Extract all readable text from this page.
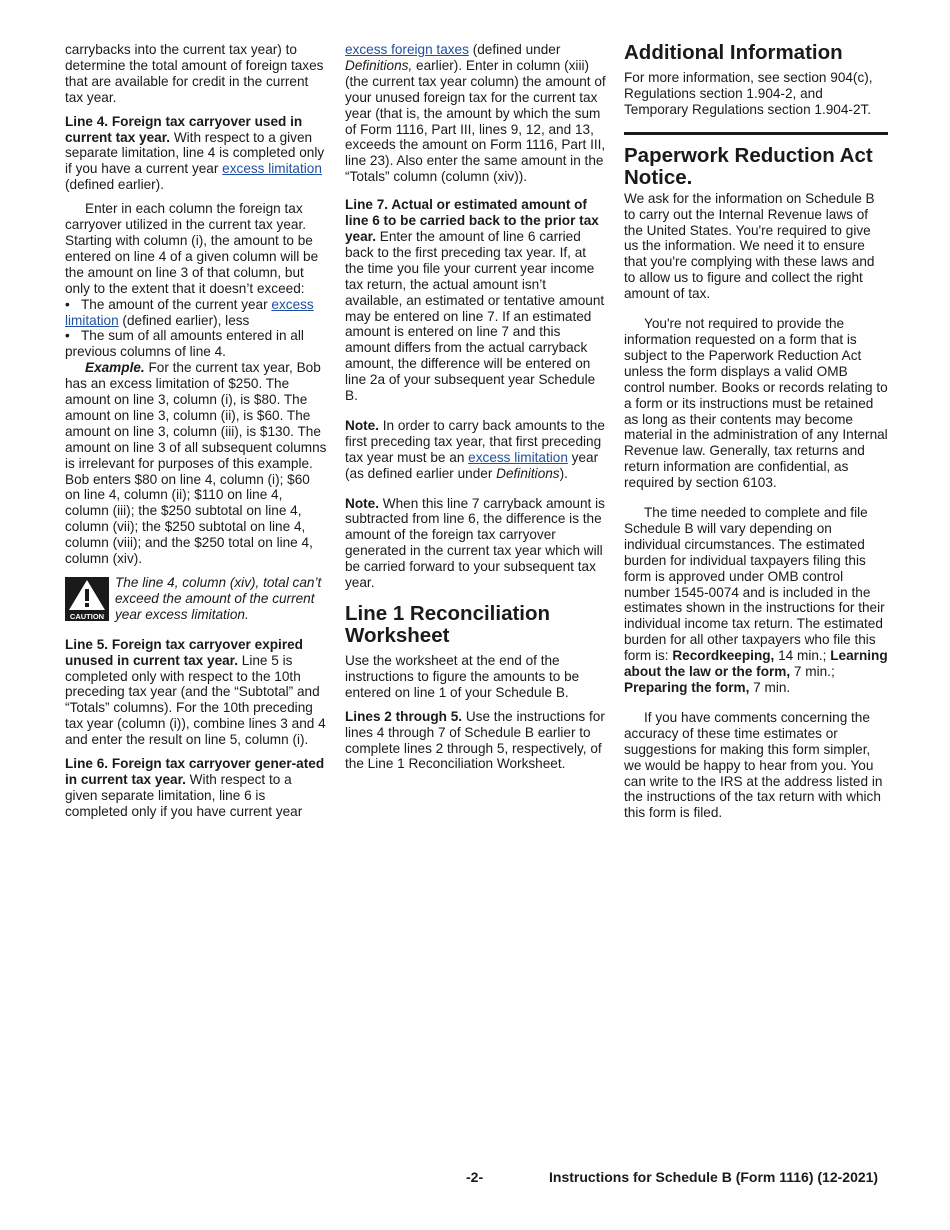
carrybacks into the current tax year) to determine the total amount of foreign taxes that are available for credit in the current tax year.

Line 4. Foreign tax carryover used in current tax year. With respect to a given separate limitation, line 4 is completed only if you have a current year excess limitation (defined earlier).

Enter in each column the foreign tax carryover utilized in the current tax year. Starting with column (i), the amount to be entered on line 4 of a given column will be the amount on line 3 of that column, but only to the extent that it doesn’t exceed:

• The amount of the current year excess limitation (defined earlier), less

• The sum of all amounts entered in all previous columns of line 4.

Example. For the current tax year, Bob has an excess limitation of $250. The amount on line 3, column (i), is $80. The amount on line 3, column (ii), is $60. The amount on line 3, column (iii), is $130. The amount on line 3 of all subsequent columns is irrelevant for purposes of this example. Bob enters $80 on line 4, column (i); $60 on line 4, column (ii); $110 on line 4, column (iii); the $250 subtotal on line 4, column (vii); the $250 subtotal on line 4, column (viii); and the $250 total on line 4, column (xiv).

CAUTION
The line 4, column (xiv), total can’t exceed the amount of the current year excess limitation.

Line 5. Foreign tax carryover expired unused in current tax year. Line 5 is completed only with respect to the 10th preceding tax year (and the “Subtotal” and “Totals” columns). For the 10th preceding tax year (column (i)), combine lines 3 and 4 and enter the result on line 5, column (i).

Line 6. Foreign tax carryover gener-ated in current tax year. With respect to a given separate limitation, line 6 is completed only if you have current year

excess foreign taxes (defined under Definitions, earlier). Enter in column (xiii) (the current tax year column) the amount of your unused foreign tax for the current tax year (that is, the amount by which the sum of Form 1116, Part III, lines 9, 12, and 13, exceeds the amount on Form 1116, Part III, line 23). Also enter the same amount in the “Totals” column (column (xiv)).

Line 7. Actual or estimated amount of line 6 to be carried back to the prior tax year. Enter the amount of line 6 carried back to the first preceding tax year. If, at the time you file your current year income tax return, the actual amount isn’t available, an estimated or tentative amount may be entered on line 7. If an estimated amount is entered on line 7 and this amount differs from the actual carryback amount, the difference will be entered on line 2a of your subsequent year Schedule B.

Note. In order to carry back amounts to the first preceding tax year, that first preceding tax year must be an excess limitation year (as defined earlier under Definitions).

Note. When this line 7 carryback amount is subtracted from line 6, the difference is the amount of the foreign tax carryover generated in the current tax year which will be carried forward to your subsequent tax year.

Line 1 Reconciliation Worksheet

Use the worksheet at the end of the instructions to figure the amounts to be entered on line 1 of your Schedule B.

Lines 2 through 5. Use the instructions for lines 4 through 7 of Schedule B earlier to complete lines 2 through 5, respectively, of the Line 1 Reconciliation Worksheet.

Additional Information

For more information, see section 904(c), Regulations section 1.904-2, and Temporary Regulations section 1.904-2T.

Paperwork Reduction Act Notice.

We ask for the information on Schedule B to carry out the Internal Revenue laws of the United States. You're required to give us the information. We need it to ensure that you're complying with these laws and to allow us to figure and collect the right amount of tax.

You're not required to provide the information requested on a form that is subject to the Paperwork Reduction Act unless the form displays a valid OMB control number. Books or records relating to a form or its instructions must be retained as long as their contents may become material in the administration of any Internal Revenue law. Generally, tax returns and return information are confidential, as required by section 6103.

The time needed to complete and file Schedule B will vary depending on individual circumstances. The estimated burden for individual taxpayers filing this form is approved under OMB control number 1545-0074 and is included in the estimates shown in the instructions for their individual income tax return. The estimated burden for all other taxpayers who file this form is: Recordkeeping, 14 min.; Learning about the law or the form, 7 min.; Preparing the form, 7 min.

If you have comments concerning the accuracy of these time estimates or suggestions for making this form simpler, we would be happy to hear from you. You can write to the IRS at the address listed in the instructions of the tax return with which this form is filed.

-2-	Instructions for Schedule B (Form 1116) (12-2021)
